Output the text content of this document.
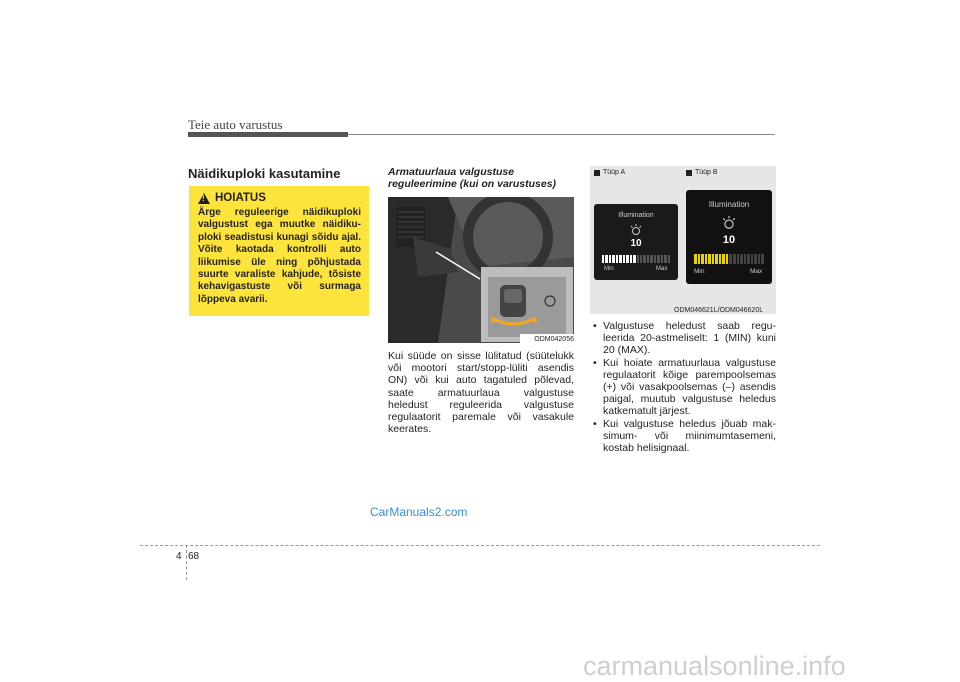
Teie auto varustus
Näidikuploki kasutamine
!
HOIATUS
Ärge reguleerige näidikuploki valgustust ega muutke näidikuploki seadistusi kunagi sõidu ajal. Võite kaotada kontrolli auto liikumise üle ning põhjustada suurte varaliste kahjude, tõsiste kehavigastuste või surmaga lõppeva avarii.
Armatuurlaua valgustuse reguleerimine (kui on varustuses)
ODM042056
Kui süüde on sisse lülitatud (süütelukk või mootori start/stopp-lüliti asendis ON) või kui auto tagatuled põlevad, saate armatuurlaua valgustuse heledust reguleerida valgustuse regulaatorit paremale või vasakule keerates.
Tüüp A	Tüüp B
Illumination
10
Min	Max
Illumination
10
Min	Max
ODM046621L/ODM046620L
• Valgustuse heledust saab reguleerida 20-astmeliselt: 1 (MIN) kuni 20 (MAX).
• Kui hoiate armatuurlaua valgustuse regulaatorit kõige parempoolsemas (+) või vasakpoolsemas (–) asendis paigal, muutub valgustuse heledus katkematult järjest.
• Kui valgustuse heledus jõuab maksimum- või miinimumtasemeni, kostab helisignaal.
CarManuals2.com
4 68
carmanualsonline.info
